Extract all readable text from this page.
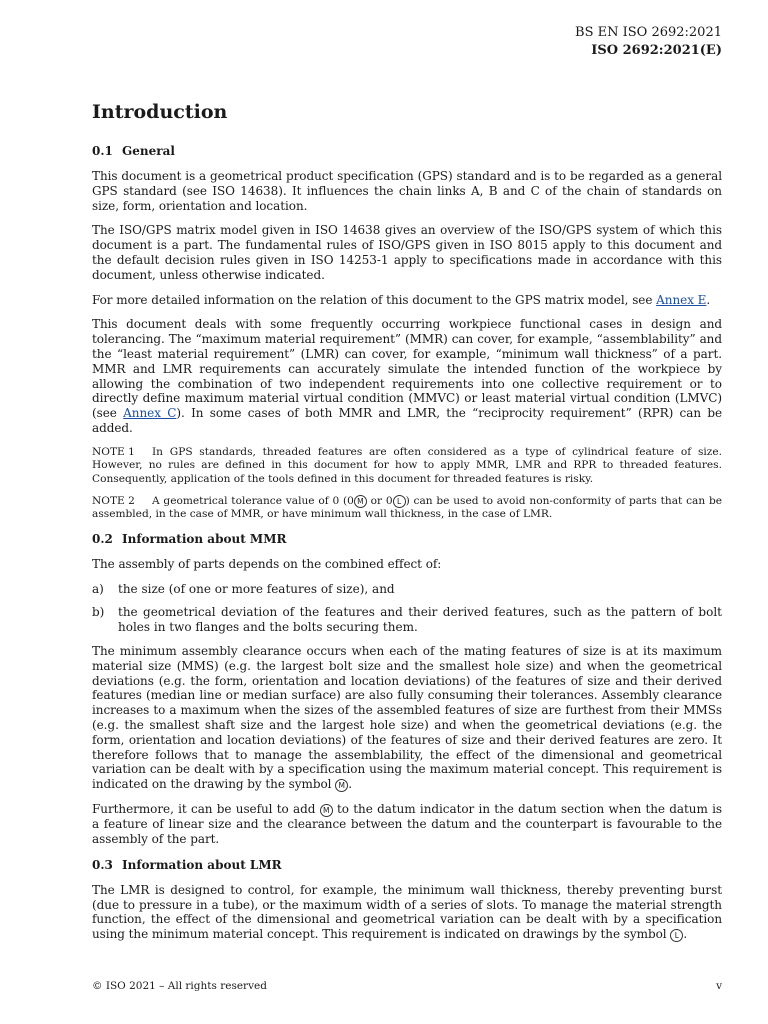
BS EN ISO 2692:2021
ISO 2692:2021(E)
Introduction
0.1 General

This document is a geometrical product specification (GPS) standard and is to be regarded as a general GPS standard (see ISO 14638). It influences the chain links A, B and C of the chain of standards on size, form, orientation and location.

The ISO/GPS matrix model given in ISO 14638 gives an overview of the ISO/GPS system of which this document is a part. The fundamental rules of ISO/GPS given in ISO 8015 apply to this document and the default decision rules given in ISO 14253-1 apply to specifications made in accordance with this document, unless otherwise indicated.

For more detailed information on the relation of this document to the GPS matrix model, see Annex E.

This document deals with some frequently occurring workpiece functional cases in design and tolerancing. The “maximum material requirement” (MMR) can cover, for example, “assemblability” and the “least material requirement” (LMR) can cover, for example, “minimum wall thickness” of a part. MMR and LMR requirements can accurately simulate the intended function of the workpiece by allowing the combination of two independent requirements into one collective requirement or to directly define maximum material virtual condition (MMVC) or least material virtual condition (LMVC) (see Annex C). In some cases of both MMR and LMR, the “reciprocity requirement” (RPR) can be added.

NOTE 1 In GPS standards, threaded features are often considered as a type of cylindrical feature of size. However, no rules are defined in this document for how to apply MMR, LMR and RPR to threaded features. Consequently, application of the tools defined in this document for threaded features is risky.
NOTE 2 A geometrical tolerance value of 0 (0 M or 0 L ) can be used to avoid non-conformity of parts that can be assembled, in the case of MMR, or have minimum wall thickness, in the case of LMR.
0.2 Information about MMR

The assembly of parts depends on the combined effect of:

a)	the size (of one or more features of size), and
b)	the geometrical deviation of the features and their derived features, such as the pattern of bolt holes in two flanges and the bolts securing them.

The minimum assembly clearance occurs when each of the mating features of size is at its maximum material size (MMS) (e.g. the largest bolt size and the smallest hole size) and when the geometrical deviations (e.g. the form, orientation and location deviations) of the features of size and their derived features (median line or median surface) are also fully consuming their tolerances. Assembly clearance increases to a maximum when the sizes of the assembled features of size are furthest from their MMSs (e.g. the smallest shaft size and the largest hole size) and when the geometrical deviations (e.g. the form, orientation and location deviations) of the features of size and their derived features are zero. It therefore follows that to manage the assemblability, the effect of the dimensional and geometrical variation can be dealt with by a specification using the maximum material concept. This requirement is indicated on the drawing by the symbol M .

Furthermore, it can be useful to add M to the datum indicator in the datum section when the datum is a feature of linear size and the clearance between the datum and the counterpart is favourable to the assembly of the part.

0.3 Information about LMR

The LMR is designed to control, for example, the minimum wall thickness, thereby preventing burst (due to pressure in a tube), or the maximum width of a series of slots. To manage the material strength function, the effect of the dimensional and geometrical variation can be dealt with by a specification using the minimum material concept. This requirement is indicated on drawings by the symbol L .

© ISO 2021 – All rights reserved	v
